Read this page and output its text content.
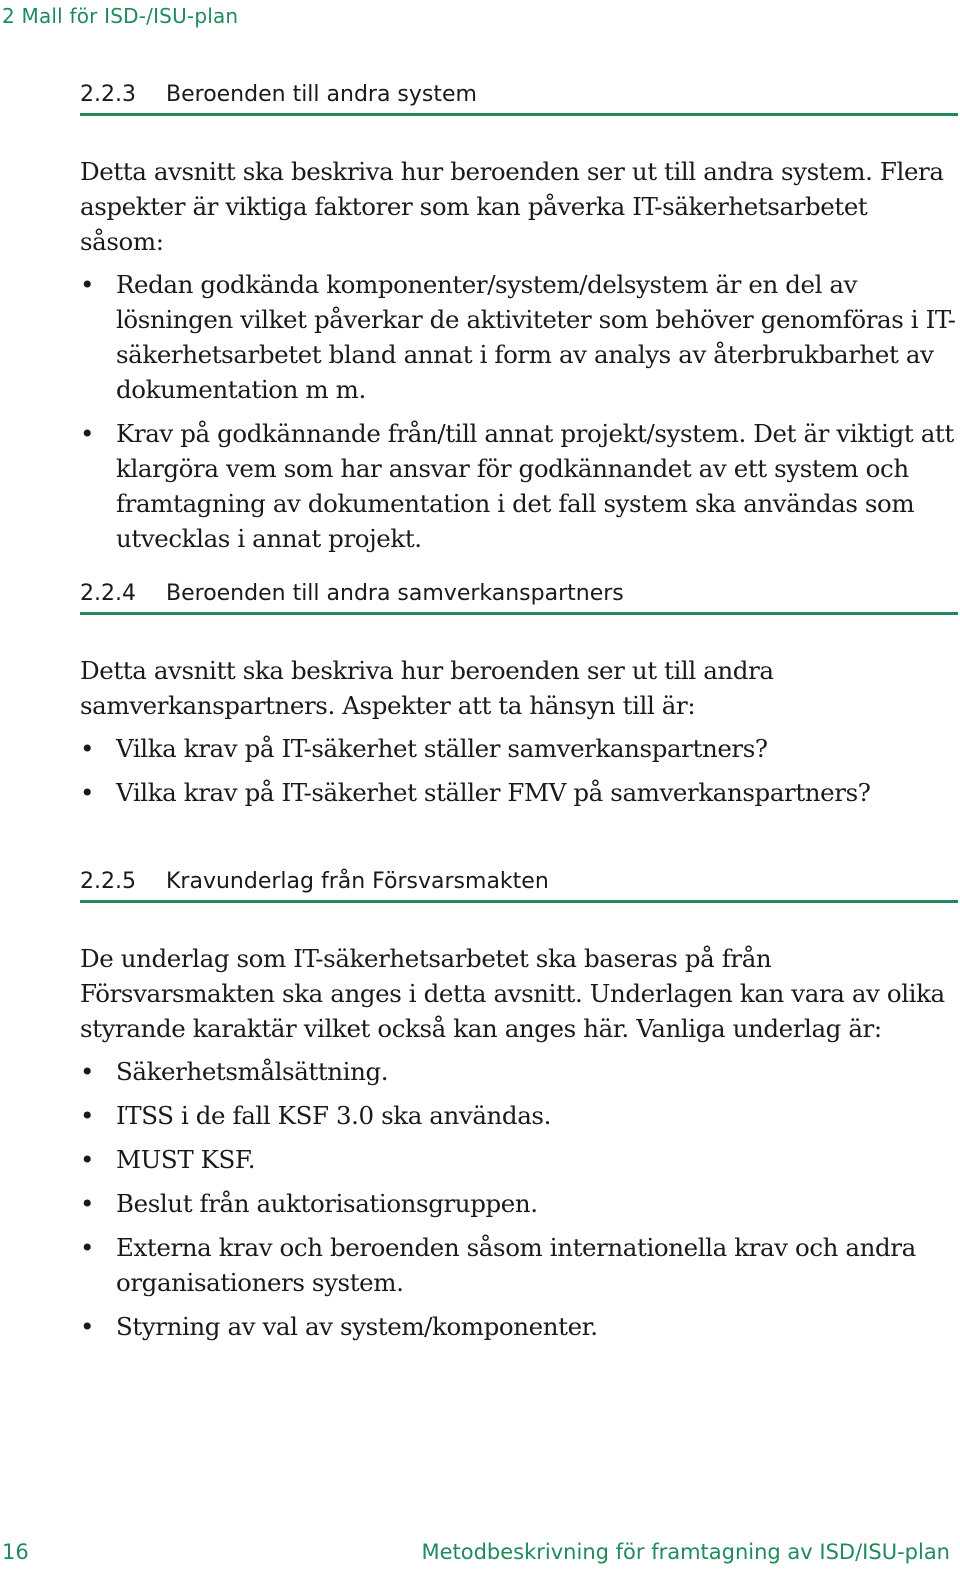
2 Mall för ISD-/ISU-plan
2.2.3	Beroenden till andra system

Detta avsnitt ska beskriva hur beroenden ser ut till andra system. Flera aspekter är viktiga faktorer som kan påverka IT-säkerhetsarbetet såsom:

• Redan godkända komponenter/system/delsystem är en del av lösningen vilket påverkar de aktiviteter som behöver genomföras i IT-säkerhetsarbetet bland annat i form av analys av återbrukbarhet av dokumentation m m.
• Krav på godkännande från/till annat projekt/system. Det är viktigt att klargöra vem som har ansvar för godkännandet av ett system och framtagning av dokumentation i det fall system ska användas som utvecklas i annat projekt.
2.2.4	Beroenden till andra samverkanspartners

Detta avsnitt ska beskriva hur beroenden ser ut till andra samverkanspartners. Aspekter att ta hänsyn till är:

• Vilka krav på IT-säkerhet ställer samverkanspartners?
• Vilka krav på IT-säkerhet ställer FMV på samverkanspartners?
2.2.5	Kravunderlag från Försvarsmakten

De underlag som IT-säkerhetsarbetet ska baseras på från Försvarsmakten ska anges i detta avsnitt. Underlagen kan vara av olika styrande karaktär vilket också kan anges här. Vanliga underlag är:

• Säkerhetsmålsättning.
• ITSS i de fall KSF 3.0 ska användas.
• MUST KSF.
• Beslut från auktorisationsgruppen.
• Externa krav och beroenden såsom internationella krav och andra organisationers system.
• Styrning av val av system/komponenter.
16	Metodbeskrivning för framtagning av ISD/ISU-plan
